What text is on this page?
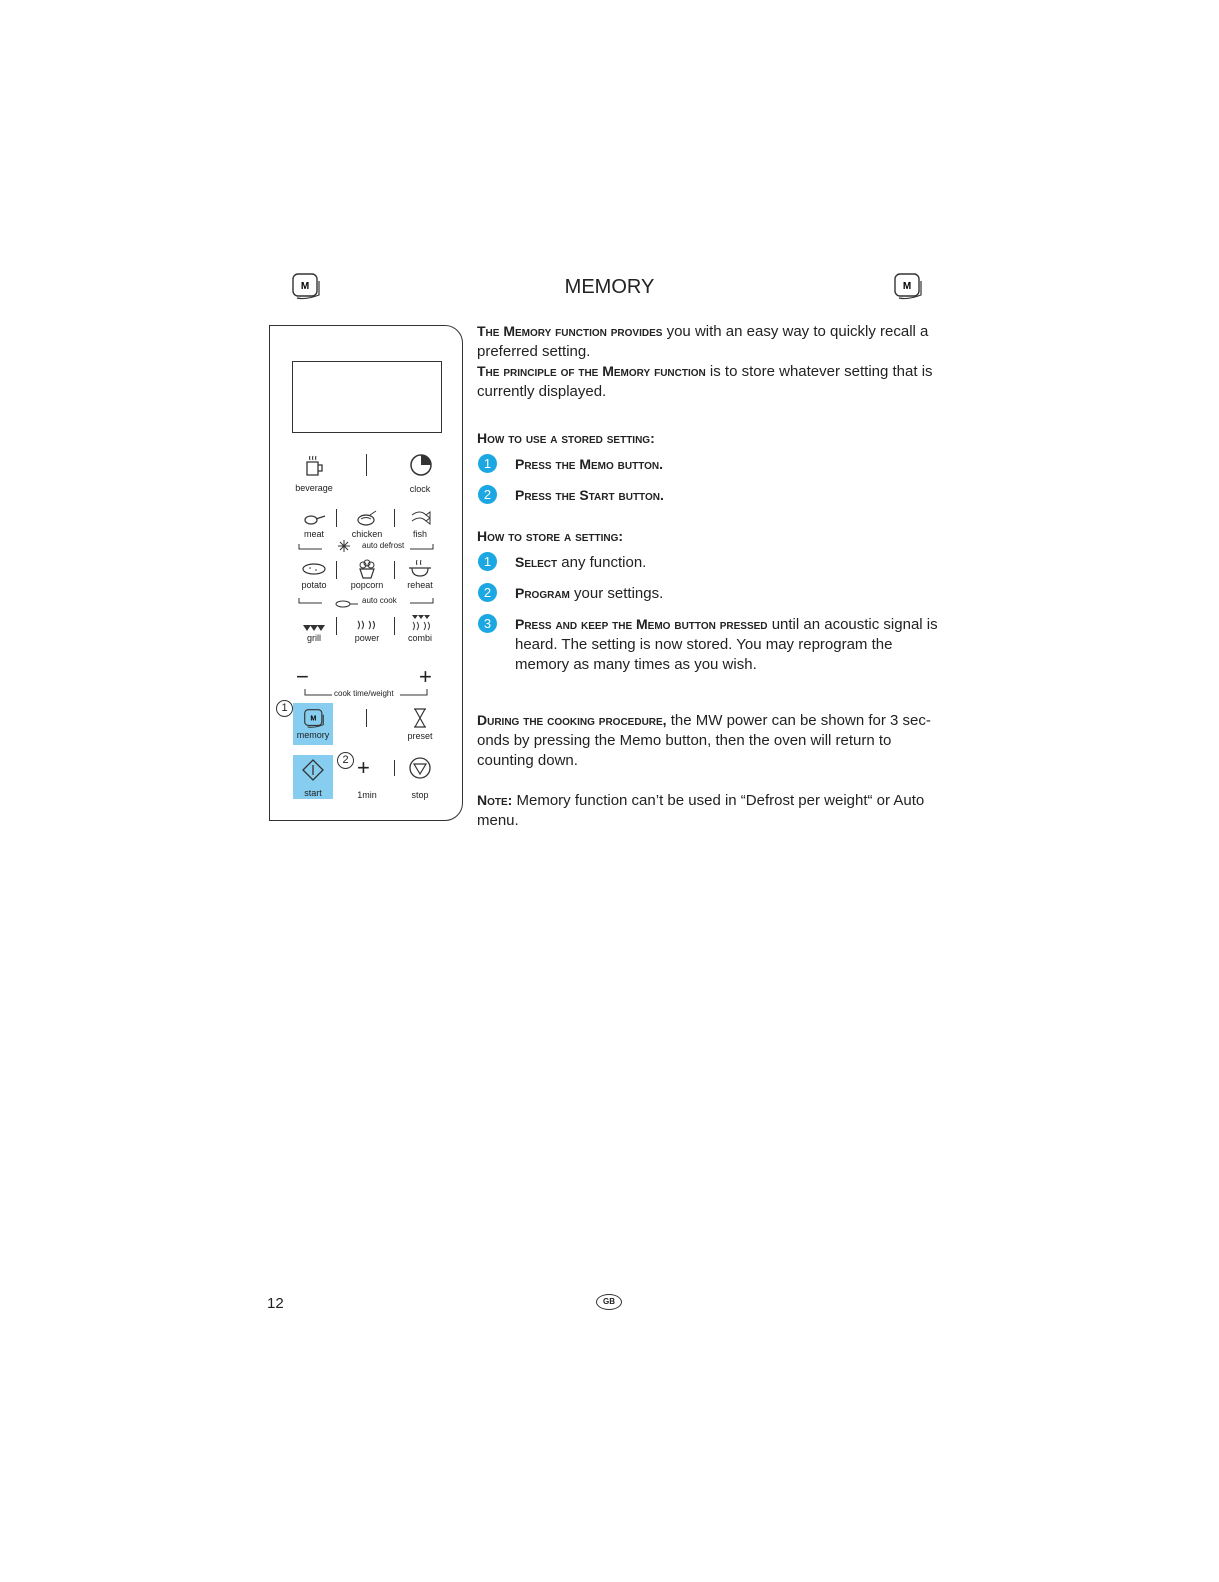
M	MEMORY	M
beverage	clock
meat	chicken	fish
auto defrost
potato	popcorn	reheat
auto cook
grill	power	combi
−	+
cook time/weight
1
M
memory	preset
start
2 +
1min	stop
The Memory function provides you with an easy way to quickly recall a preferred setting.
The principle of the Memory function is to store whatever setting that is currently displayed.
How to use a stored setting:
1	Press the Memo button.
2	Press the Start button.
How to store a setting:
1	Select any function.
2	Program your settings.
3	Press and keep the Memo button pressed until an acoustic signal is heard. The setting is now stored. You may reprogram the memory as many times as you wish.
During the cooking procedure, the MW power can be shown for 3 sec-onds by pressing the Memo button, then the oven will return to counting down.
Note: Memory function can’t be used in “Defrost per weight“ or Auto menu.
12	GB
